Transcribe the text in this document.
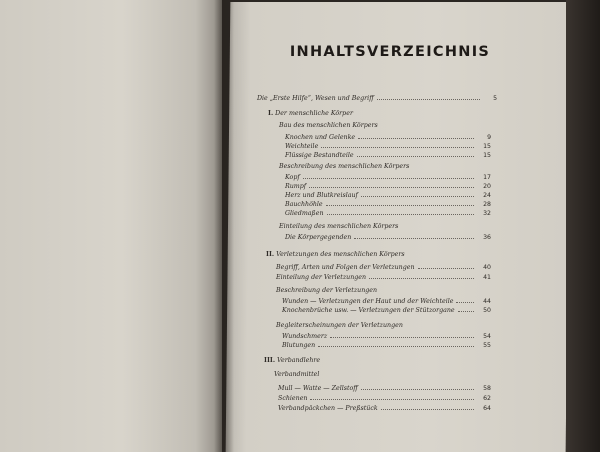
INHALTSVERZEICHNIS
Die „Erste Hilfe“, Wesen und Begriff	5
I. Der menschliche Körper
Bau des menschlichen Körpers
Knochen und Gelenke	9
Weichteile	15
Flüssige Bestandteile	15
Beschreibung des menschlichen Körpers
Kopf	17
Rumpf	20
Herz und Blutkreislauf	24
Bauchhöhle	28
Gliedmaßen	32
Einteilung des menschlichen Körpers
Die Körpergegenden	36
II. Verletzungen des menschlichen Körpers
Begriff, Arten und Folgen der Verletzungen	40
Einteilung der Verletzungen	41
Beschreibung der Verletzungen
Wunden — Verletzungen der Haut und der Weichteile	44
Knochenbrüche usw. — Verletzungen der Stützorgane	50
Begleiterscheinungen der Verletzungen
Wundschmerz	54
Blutungen	55
III. Verbandlehre
Verbandmittel
Mull — Watte — Zellstoff	58
Schienen	62
Verbandpäckchen — Preßstück	64
